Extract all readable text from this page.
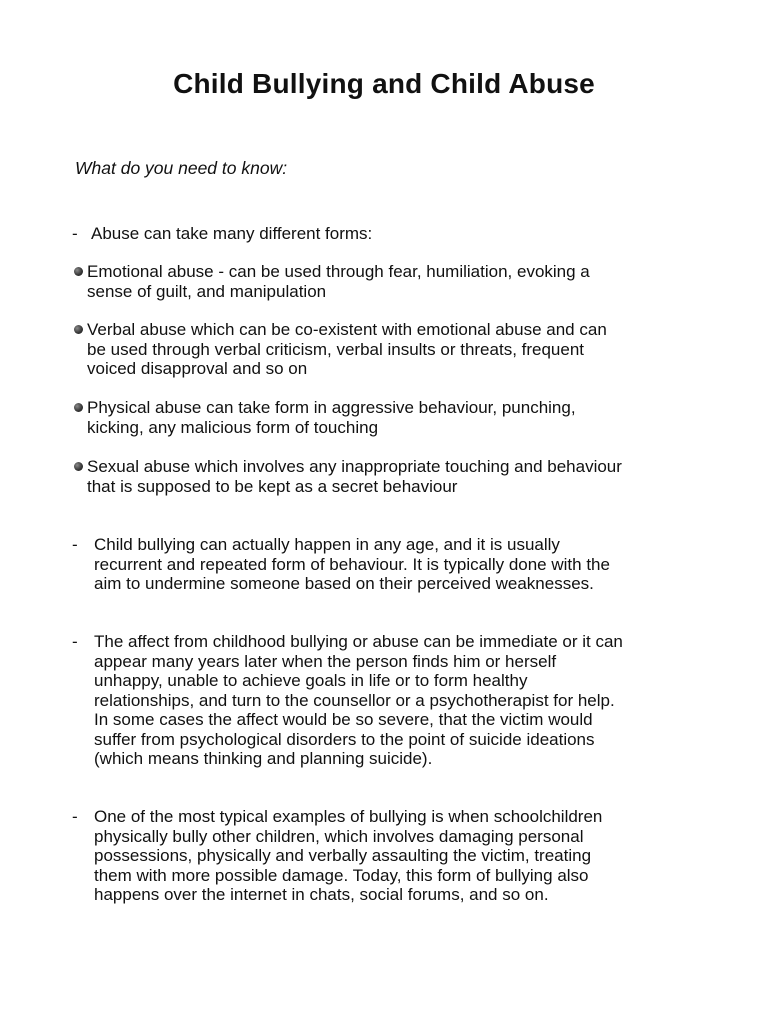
Child Bullying and Child Abuse
What do you need to know:
- Abuse can take many different forms:
Emotional abuse - can be used through fear, humiliation, evoking a
sense of guilt, and manipulation
Verbal abuse which can be co-existent with emotional abuse and can
be used through verbal criticism, verbal insults or threats, frequent
voiced disapproval and so on
Physical abuse can take form in aggressive behaviour, punching,
kicking, any malicious form of touching
Sexual abuse which involves any inappropriate touching and behaviour
that is supposed to be kept as a secret behaviour
- Child bullying can actually happen in any age, and it is usually
recurrent and repeated form of behaviour. It is typically done with the
aim to undermine someone based on their perceived weaknesses.
- The affect from childhood bullying or abuse can be immediate or it can
appear many years later when the person finds him or herself
unhappy, unable to achieve goals in life or to form healthy
relationships, and turn to the counsellor or a psychotherapist for help.
In some cases the affect would be so severe, that the victim would
suffer from psychological disorders to the point of suicide ideations
(which means thinking and planning suicide).
- One of the most typical examples of bullying is when schoolchildren
physically bully other children, which involves damaging personal
possessions, physically and verbally assaulting the victim, treating
them with more possible damage. Today, this form of bullying also
happens over the internet in chats, social forums, and so on.
